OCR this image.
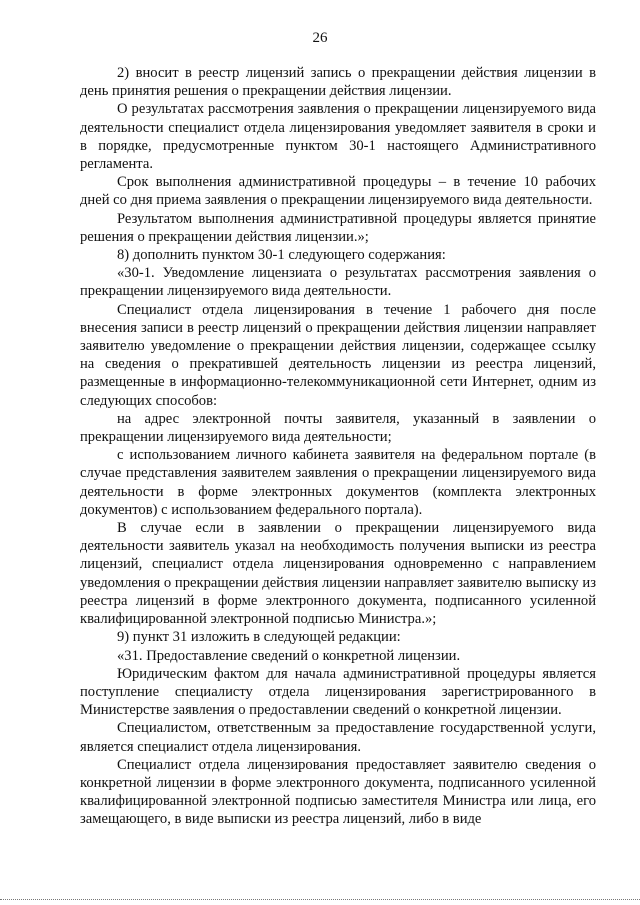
26

2) вносит в реестр лицензий запись о прекращении действия лицензии в день принятия решения о прекращении действия лицензии.

О результатах рассмотрения заявления о прекращении лицензируемого вида деятельности специалист отдела лицензирования уведомляет заявителя в сроки и в порядке, предусмотренные пунктом 30-1 настоящего Административного регламента.

Срок выполнения административной процедуры – в течение 10 рабочих дней со дня приема заявления о прекращении лицензируемого вида деятельности.

Результатом выполнения административной процедуры является принятие решения о прекращении действия лицензии.»;

8) дополнить пунктом 30-1 следующего содержания:

«30-1. Уведомление лицензиата о результатах рассмотрения заявления о прекращении лицензируемого вида деятельности.

Специалист отдела лицензирования в течение 1 рабочего дня после внесения записи в реестр лицензий о прекращении действия лицензии направляет заявителю уведомление о прекращении действия лицензии, содержащее ссылку на сведения о прекратившей деятельность лицензии из реестра лицензий, размещенные в информационно-телекоммуникационной сети Интернет, одним из следующих способов:

на адрес электронной почты заявителя, указанный в заявлении о прекращении лицензируемого вида деятельности;

с использованием личного кабинета заявителя на федеральном портале (в случае представления заявителем заявления о прекращении лицензируемого вида деятельности в форме электронных документов (комплекта электронных документов) с использованием федерального портала).

В случае если в заявлении о прекращении лицензируемого вида деятельности заявитель указал на необходимость получения выписки из реестра лицензий, специалист отдела лицензирования одновременно с направлением уведомления о прекращении действия лицензии направляет заявителю выписку из реестра лицензий в форме электронного документа, подписанного усиленной квалифицированной электронной подписью Министра.»;

9) пункт 31 изложить в следующей редакции:

«31. Предоставление сведений о конкретной лицензии.

Юридическим фактом для начала административной процедуры является поступление специалисту отдела лицензирования зарегистрированного в Министерстве заявления о предоставлении сведений о конкретной лицензии.

Специалистом, ответственным за предоставление государственной услуги, является специалист отдела лицензирования.

Специалист отдела лицензирования предоставляет заявителю сведения о конкретной лицензии в форме электронного документа, подписанного усиленной квалифицированной электронной подписью заместителя Министра или лица, его замещающего, в виде выписки из реестра лицензий, либо в виде
